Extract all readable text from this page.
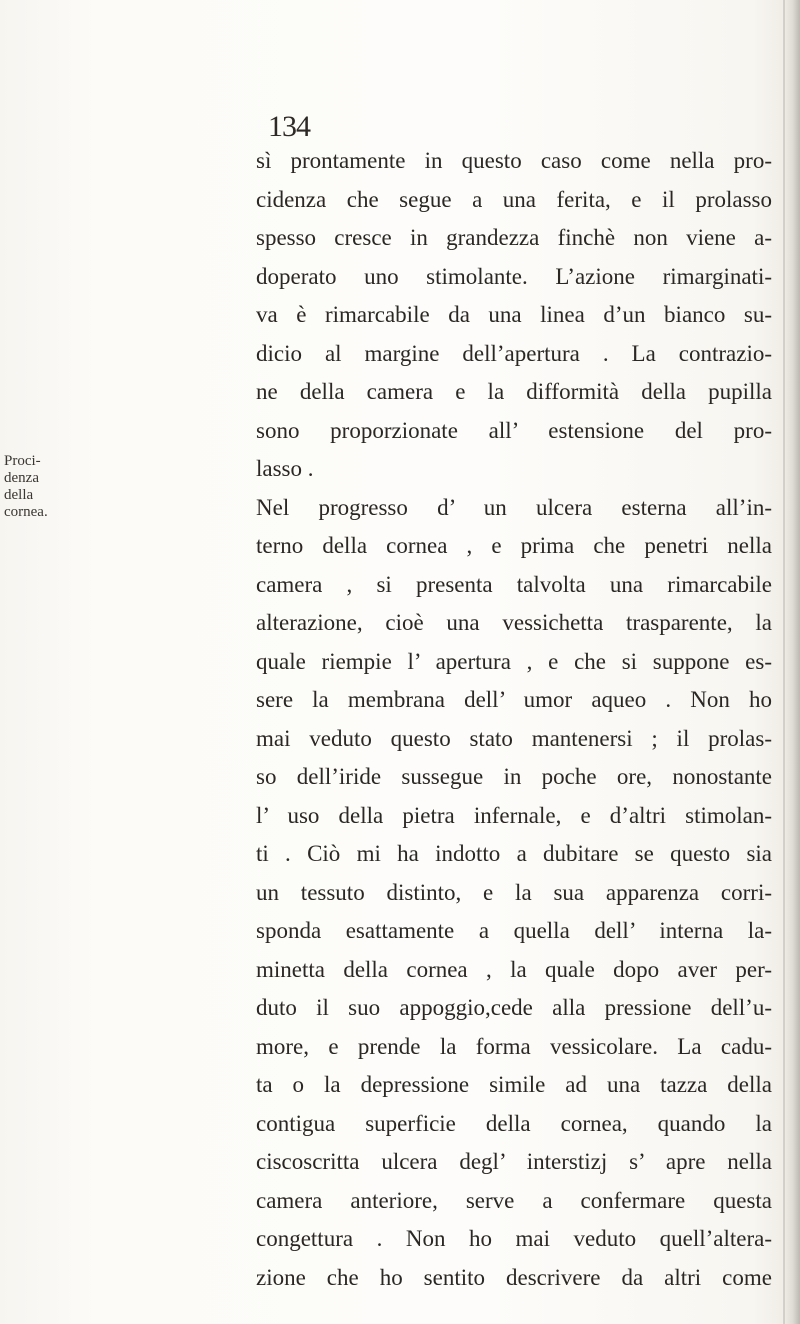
134
Proci-
denza
della
cornea.
sì prontamente in questo caso come nella pro-
cidenza che segue a una ferita, e il prolasso
spesso cresce in grandezza finchè non viene a-
doperato uno stimolante. L’azione rimarginati-
va è rimarcabile da una linea d’un bianco su-
dicio al margine dell’apertura . La contrazio-
ne della camera e la difformità della pupilla
sono proporzionate all’ estensione del pro-
lasso .
Nel progresso d’ un ulcera esterna all’in-
terno della cornea , e prima che penetri nella
camera , si presenta talvolta una rimarcabile
alterazione, cioè una vessichetta trasparente, la
quale riempie l’ apertura , e che si suppone es-
sere la membrana dell’ umor aqueo . Non ho
mai veduto questo stato mantenersi ; il prolas-
so dell’iride sussegue in poche ore, nonostante
l’ uso della pietra infernale, e d’altri stimolan-
ti . Ciò mi ha indotto a dubitare se questo sia
un tessuto distinto, e la sua apparenza corri-
sponda esattamente a quella dell’ interna la-
minetta della cornea , la quale dopo aver per-
duto il suo appoggio,cede alla pressione dell’u-
more, e prende la forma vessicolare. La cadu-
ta o la depressione simile ad una tazza della
contigua superficie della cornea, quando la
ciscoscritta ulcera degl’ interstizj s’ apre nella
camera anteriore, serve a confermare questa
congettura . Non ho mai veduto quell’altera-
zione che ho sentito descrivere da altri come
